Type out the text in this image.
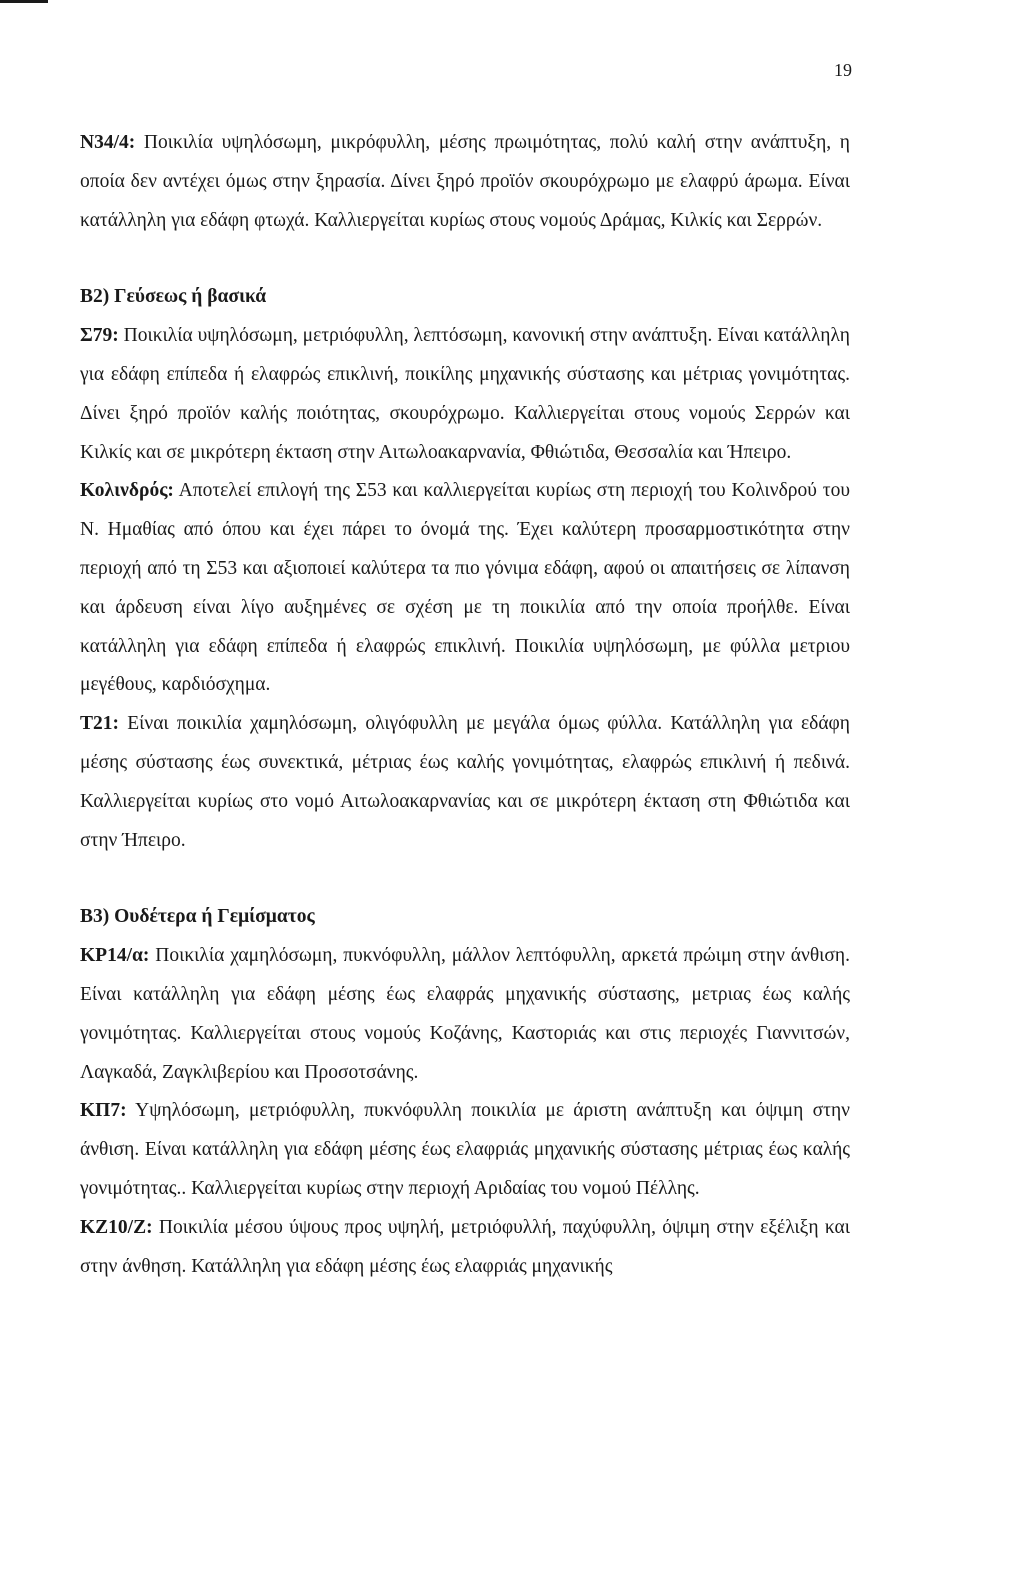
19

N34/4: Ποικιλία υψηλόσωμη, μικρόφυλλη, μέσης πρωιμότητας, πολύ καλή στην ανάπτυξη, η οποία δεν αντέχει όμως στην ξηρασία. Δίνει ξηρό προϊόν σκουρόχρωμο με ελαφρύ άρωμα. Είναι κατάλληλη για εδάφη φτωχά. Καλλιεργείται κυρίως στους νομούς Δράμας, Κιλκίς και Σερρών.

Β2) Γεύσεως ή βασικά

Σ79: Ποικιλία υψηλόσωμη, μετριόφυλλη, λεπτόσωμη, κανονική στην ανάπτυξη. Είναι κατάλληλη για εδάφη επίπεδα ή ελαφρώς επικλινή, ποικίλης μηχανικής σύστασης και μέτριας γονιμότητας. Δίνει ξηρό προϊόν καλής ποιότητας, σκουρόχρωμο. Καλλιεργείται στους νομούς Σερρών και Κιλκίς και σε μικρότερη έκταση στην Αιτωλοακαρνανία, Φθιώτιδα, Θεσσαλία και Ήπειρο.

Κολινδρός: Αποτελεί επιλογή της Σ53 και καλλιεργείται κυρίως στη περιοχή του Κολινδρού του Ν. Ημαθίας από όπου και έχει πάρει το όνομά της. Έχει καλύτερη προσαρμοστικότητα στην περιοχή από τη Σ53 και αξιοποιεί καλύτερα τα πιο γόνιμα εδάφη, αφού οι απαιτήσεις σε λίπανση και άρδευση είναι λίγο αυξημένες σε σχέση με τη ποικιλία από την οποία προήλθε. Είναι κατάλληλη για εδάφη επίπεδα ή ελαφρώς επικλινή. Ποικιλία υψηλόσωμη, με φύλλα μετριου μεγέθους, καρδιόσχημα.

Τ21: Είναι ποικιλία χαμηλόσωμη, ολιγόφυλλη με μεγάλα όμως φύλλα. Κατάλληλη για εδάφη μέσης σύστασης έως συνεκτικά, μέτριας έως καλής γονιμότητας, ελαφρώς επικλινή ή πεδινά. Καλλιεργείται κυρίως στο νομό Αιτωλοακαρνανίας και σε μικρότερη έκταση στη Φθιώτιδα και στην Ήπειρο.

Β3) Ουδέτερα ή Γεμίσματος

ΚΡ14/α: Ποικιλία χαμηλόσωμη, πυκνόφυλλη, μάλλον λεπτόφυλλη, αρκετά πρώιμη στην άνθιση. Είναι κατάλληλη για εδάφη μέσης έως ελαφράς μηχανικής σύστασης, μετριας έως καλής γονιμότητας. Καλλιεργείται στους νομούς Κοζάνης, Καστοριάς και στις περιοχές Γιαννιτσών, Λαγκαδά, Ζαγκλιβερίου και Προσοτσάνης.

ΚΠ7: Υψηλόσωμη, μετριόφυλλη, πυκνόφυλλη ποικιλία με άριστη ανάπτυξη και όψιμη στην άνθιση. Είναι κατάλληλη για εδάφη μέσης έως ελαφριάς μηχανικής σύστασης μέτριας έως καλής γονιμότητας.. Καλλιεργείται κυρίως στην περιοχή Αριδαίας του νομού Πέλλης.

ΚΖ10/Ζ: Ποικιλία μέσου ύψους προς υψηλή, μετριόφυλλή, παχύφυλλη, όψιμη στην εξέλιξη και στην άνθηση. Κατάλληλη για εδάφη μέσης έως ελαφριάς μηχανικής
